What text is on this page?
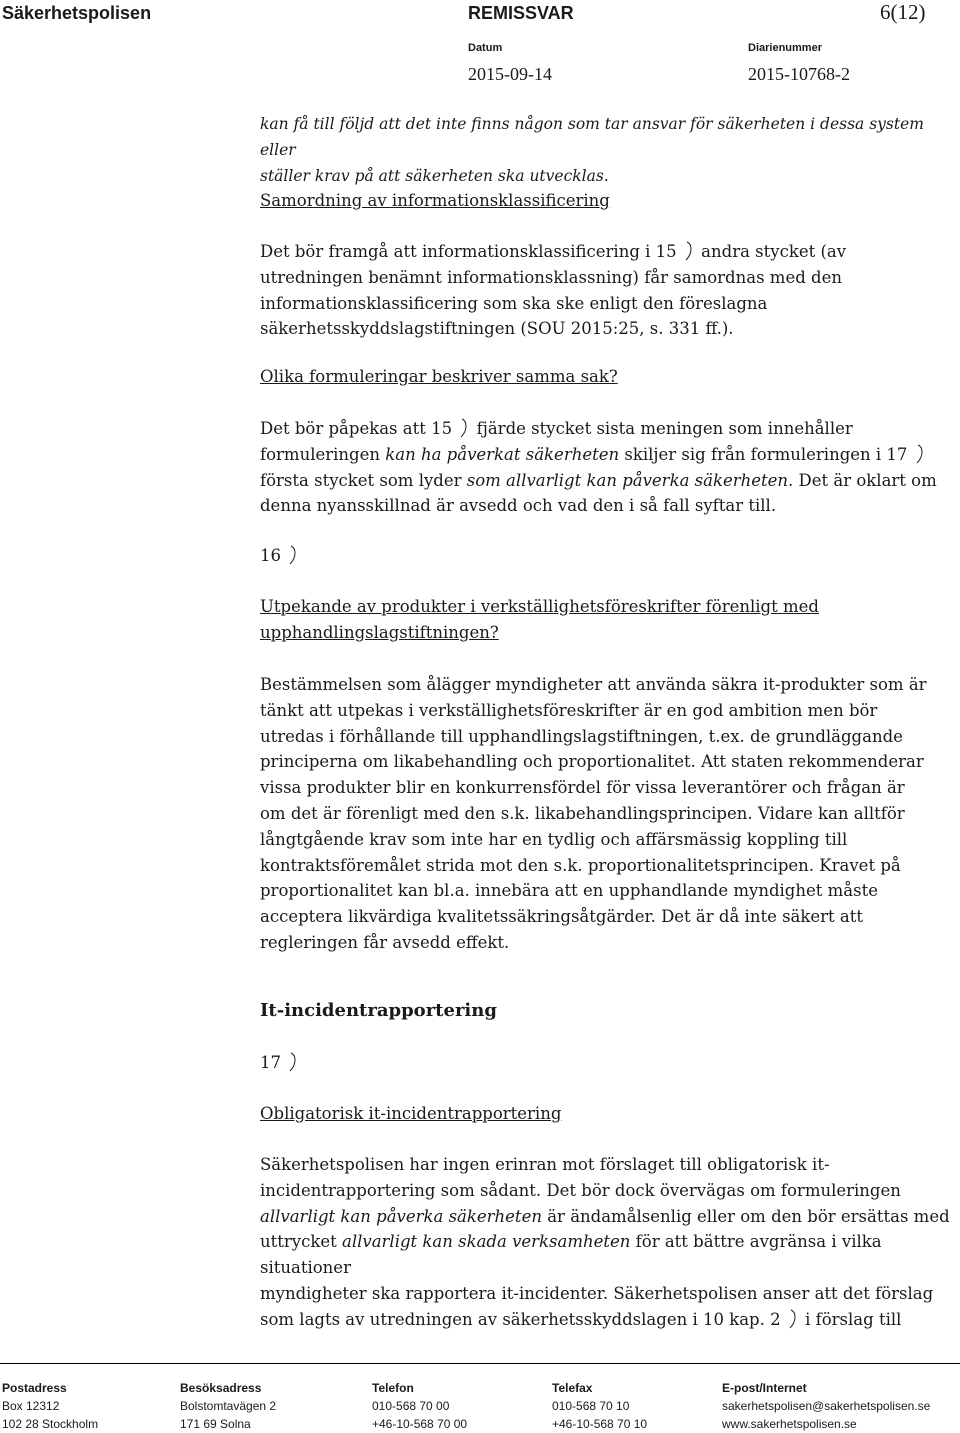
Säkerhetspolisen	REMISSVAR	6(12)
Datum
2015-09-14
Diarienummer
2015-10768-2
kan få till följd att det inte finns någon som tar ansvar för säkerheten i dessa system eller
ställer krav på att säkerheten ska utvecklas.
Samordning av informationsklassificering
Det bör framgå att informationsklassificering i 15 andra stycket (av
utredningen benämnt informationsklassning) får samordnas med den
informationsklassificering som ska ske enligt den föreslagna
säkerhetsskyddslagstiftningen (SOU 2015:25, s. 331 ff.).
Olika formuleringar beskriver samma sak?
Det bör påpekas att 15 fjärde stycket sista meningen som innehåller
formuleringen kan ha påverkat säkerheten skiljer sig från formuleringen i 17
första stycket som lyder som allvarligt kan påverka säkerheten. Det är oklart om
denna nyansskillnad är avsedd och vad den i så fall syftar till.
16
Utpekande av produkter i verkställighetsföreskrifter förenligt med
upphandlingslagstiftningen?
Bestämmelsen som ålägger myndigheter att använda säkra it-produkter som är
tänkt att utpekas i verkställighetsföreskrifter är en god ambition men bör
utredas i förhållande till upphandlingslagstiftningen, t.ex. de grundläggande
principerna om likabehandling och proportionalitet. Att staten rekommenderar
vissa produkter blir en konkurrensfördel för vissa leverantörer och frågan är
om det är förenligt med den s.k. likabehandlingsprincipen. Vidare kan alltför
långtgående krav som inte har en tydlig och affärsmässig koppling till
kontraktsföremålet strida mot den s.k. proportionalitetsprincipen. Kravet på
proportionalitet kan bl.a. innebära att en upphandlande myndighet måste
acceptera likvärdiga kvalitetssäkringsåtgärder. Det är då inte säkert att
regleringen får avsedd effekt.
It-incidentrapportering
17
Obligatorisk it-incidentrapportering
Säkerhetspolisen har ingen erinran mot förslaget till obligatorisk it-
incidentrapportering som sådant. Det bör dock övervägas om formuleringen
allvarligt kan påverka säkerheten är ändamålsenlig eller om den bör ersättas med
uttrycket allvarligt kan skada verksamheten för att bättre avgränsa i vilka situationer
myndigheter ska rapportera it-incidenter. Säkerhetspolisen anser att det förslag
som lagts av utredningen av säkerhetsskyddslagen i 10 kap. 2 i förslag till
Postadress
Box 12312
102 28 Stockholm
Besöksadress
Bolstomtavägen 2
171 69 Solna
Telefon
010-568 70 00
+46-10-568 70 00
Telefax
010-568 70 10
+46-10-568 70 10
E-post/Internet
sakerhetspolisen@sakerhetspolisen.se
www.sakerhetspolisen.se
